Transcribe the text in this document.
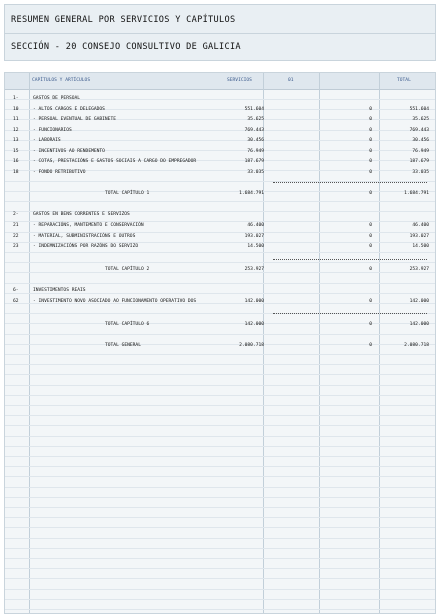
RESUMEN GENERAL POR SERVICIOS Y CAPÍTULOS
SECCIÓN - 20 CONSEJO CONSULTIVO DE GALICIA
CAPÍTULOS Y ARTÍCULOS	SERVICIOS	01	TOTAL
1-	GASTOS DE PERSOAL
10	- ALTOS CARGOS E DELEGADOS	551.604	0	551.604
11	- PERSOAL EVENTUAL DE GABINETE	35.625	0	35.625
12	- FUNCIONARIOS	769.443	0	769.443
13	- LABORAIS	30.456	0	30.456
15	- INCENTIVOS AO RENDEMENTO	76.949	0	76.949
16	- COTAS, PRESTACIÓNS E GASTOS SOCIAIS A CARGO DO EMPREGADOR	187.679	0	187.679
18	- FONDO RETRIBUTIVO	33.035	0	33.035
TOTAL CAPÍTULO 1	1.684.791	0	1.684.791
2-	GASTOS EN BENS CORRENTES E SERVIZOS
21	- REPARACIÓNS, MANTEMENTO E CONSERVACIÓN	46.400	0	46.400
22	- MATERIAL, SUBMINISTRACIÓNS E OUTROS	193.027	0	193.027
23	- INDEMNIZACIÓNS POR RAZÓNS DO SERVIZO	14.500	0	14.500
TOTAL CAPÍTULO 2	253.927	0	253.927
6-	INVESTIMENTOS REAIS
62	- INVESTIMENTO NOVO ASOCIADO AO FUNCIONAMENTO OPERATIVO DOS	142.000	0	142.000
TOTAL CAPÍTULO 6	142.000	0	142.000
TOTAL GENERAL	2.080.718	0	2.080.718
